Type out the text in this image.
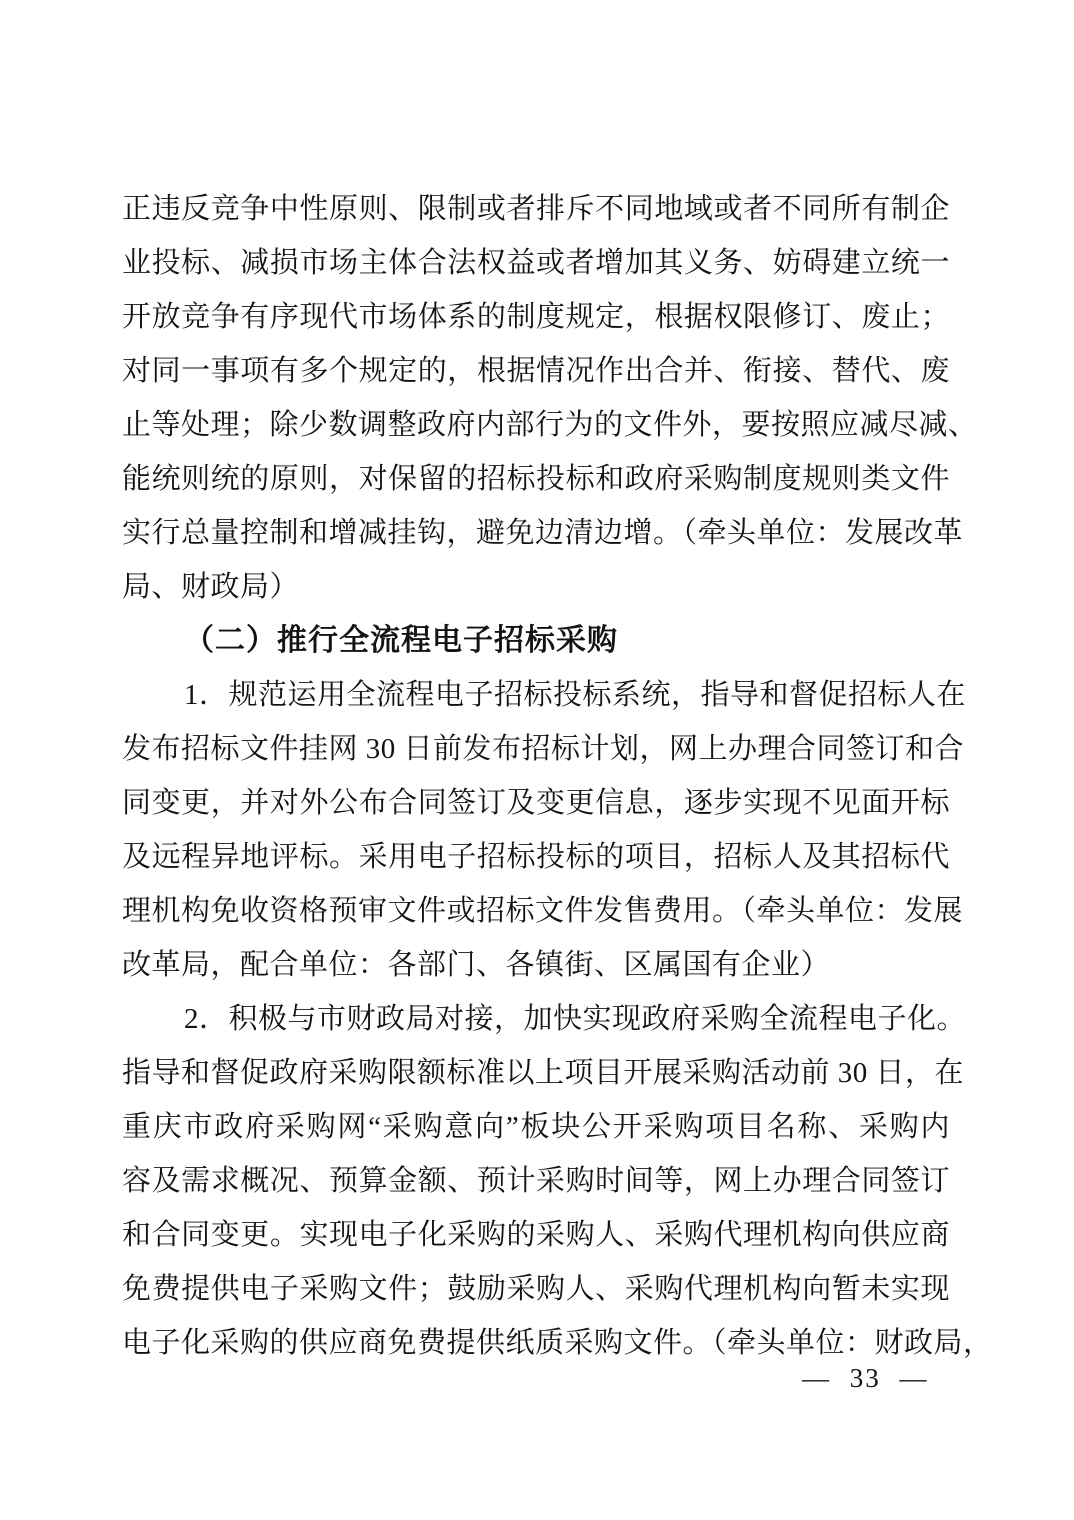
正违反竞争中性原则、限制或者排斥不同地域或者不同所有制企
业投标、减损市场主体合法权益或者增加其义务、妨碍建立统一
开放竞争有序现代市场体系的制度规定，根据权限修订、废止；
对同一事项有多个规定的，根据情况作出合并、衔接、替代、废
止等处理；除少数调整政府内部行为的文件外，要按照应减尽减、
能统则统的原则，对保留的招标投标和政府采购制度规则类文件
实行总量控制和增减挂钩，避免边清边增。（牵头单位：发展改革
局、财政局）
（二）推行全流程电子招标采购
1．规范运用全流程电子招标投标系统，指导和督促招标人在
发布招标文件挂网 30 日前发布招标计划，网上办理合同签订和合
同变更，并对外公布合同签订及变更信息，逐步实现不见面开标
及远程异地评标。采用电子招标投标的项目，招标人及其招标代
理机构免收资格预审文件或招标文件发售费用。（牵头单位：发展
改革局，配合单位：各部门、各镇街、区属国有企业）
2．积极与市财政局对接，加快实现政府采购全流程电子化。
指导和督促政府采购限额标准以上项目开展采购活动前 30 日，在
重庆市政府采购网“采购意向”板块公开采购项目名称、采购内
容及需求概况、预算金额、预计采购时间等，网上办理合同签订
和合同变更。实现电子化采购的采购人、采购代理机构向供应商
免费提供电子采购文件；鼓励采购人、采购代理机构向暂未实现
电子化采购的供应商免费提供纸质采购文件。（牵头单位：财政局，
— 33 —
